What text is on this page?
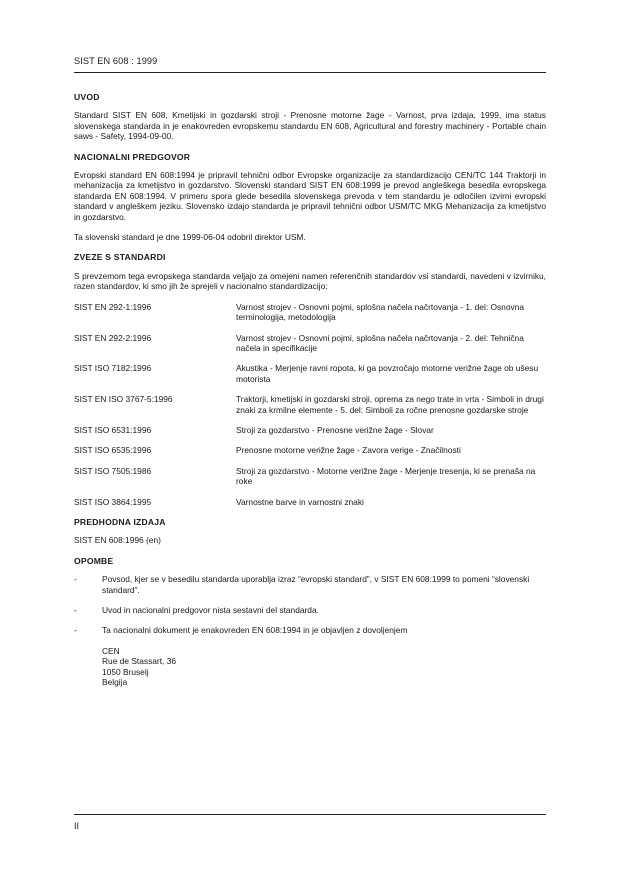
SIST EN 608 : 1999
UVOD

Standard SIST EN 608, Kmetijski in gozdarski stroji - Prenosne motorne žage - Varnost, prva izdaja, 1999, ima status slovenskega standarda in je enakovreden evropskemu standardu EN 608, Agricultural and forestry machinery - Portable chain saws - Safety, 1994-09-00.

NACIONALNI PREDGOVOR

Evropski standard EN 608:1994 je pripravil tehnični odbor Evropske organizacije za standardizacijo CEN/TC 144 Traktorji in mehanizacija za kmetijstvo in gozdarstvo. Slovenski standard SIST EN 608:1999 je prevod angleškega besedila evropskega standarda EN 608:1994. V primeru spora glede besedila slovenskega prevoda v tem standardu je odločilen izvirni evropski standard v angleškem jeziku. Slovensko izdajo standarda je pripravil tehnični odbor USM/TC MKG Mehanizacija za kmetijstvo in gozdarstvo.

Ta slovenski standard je dne 1999-06-04 odobril direktor USM.

ZVEZE S STANDARDI

S prevzemom tega evropskega standarda veljajo za omejeni namen referenčnih standardov vsi standardi, navedeni v izvirniku, razen standardov, ki smo jih že sprejeli v nacionalno standardizacijo:

SIST EN 292-1:1996	Varnost strojev - Osnovni pojmi, splošna načela načrtovanja - 1. del: Osnovna terminologija, metodologija
SIST EN 292-2:1996	Varnost strojev - Osnovni pojmi, splošna načela načrtovanja - 2. del: Tehnična načela in specifikacije
SIST ISO 7182:1996	Akustika - Merjenje ravni ropota, ki ga povzročajo motorne verižne žage ob ušesu motorista
SIST EN ISO 3767-5:1996	Traktorji, kmetijski in gozdarski stroji, oprema za nego trate in vrta - Simboli in drugi znaki za krmilne elemente - 5. del: Simboli za ročne prenosne gozdarske stroje
SIST ISO 6531:1996	Stroji za gozdarstvo - Prenosne verižne žage - Slovar
SIST ISO 6535:1996	Prenosne motorne verižne žage - Zavora verige - Značilnosti
SIST ISO 7505:1986	Stroji za gozdarstvo - Motorne verižne žage - Merjenje tresenja, ki se prenaša na roke
SIST ISO 3864:1995	Varnostne barve in varnostni znaki
PREDHODNA IZDAJA

SIST EN 608:1996 (en)

OPOMBE
-	Povsod, kjer se v besedilu standarda uporablja izraz “evropski standard”, v SIST EN 608:1999 to pomeni “slovenski standard”.
-	Uvod in nacionalni predgovor nista sestavni del standarda.
-	Ta nacionalni dokument je enakovreden EN 608:1994 in je objavljen z dovoljenjem
CEN
Rue de Stassart, 36
1050 Bruselj
Belgija
II
